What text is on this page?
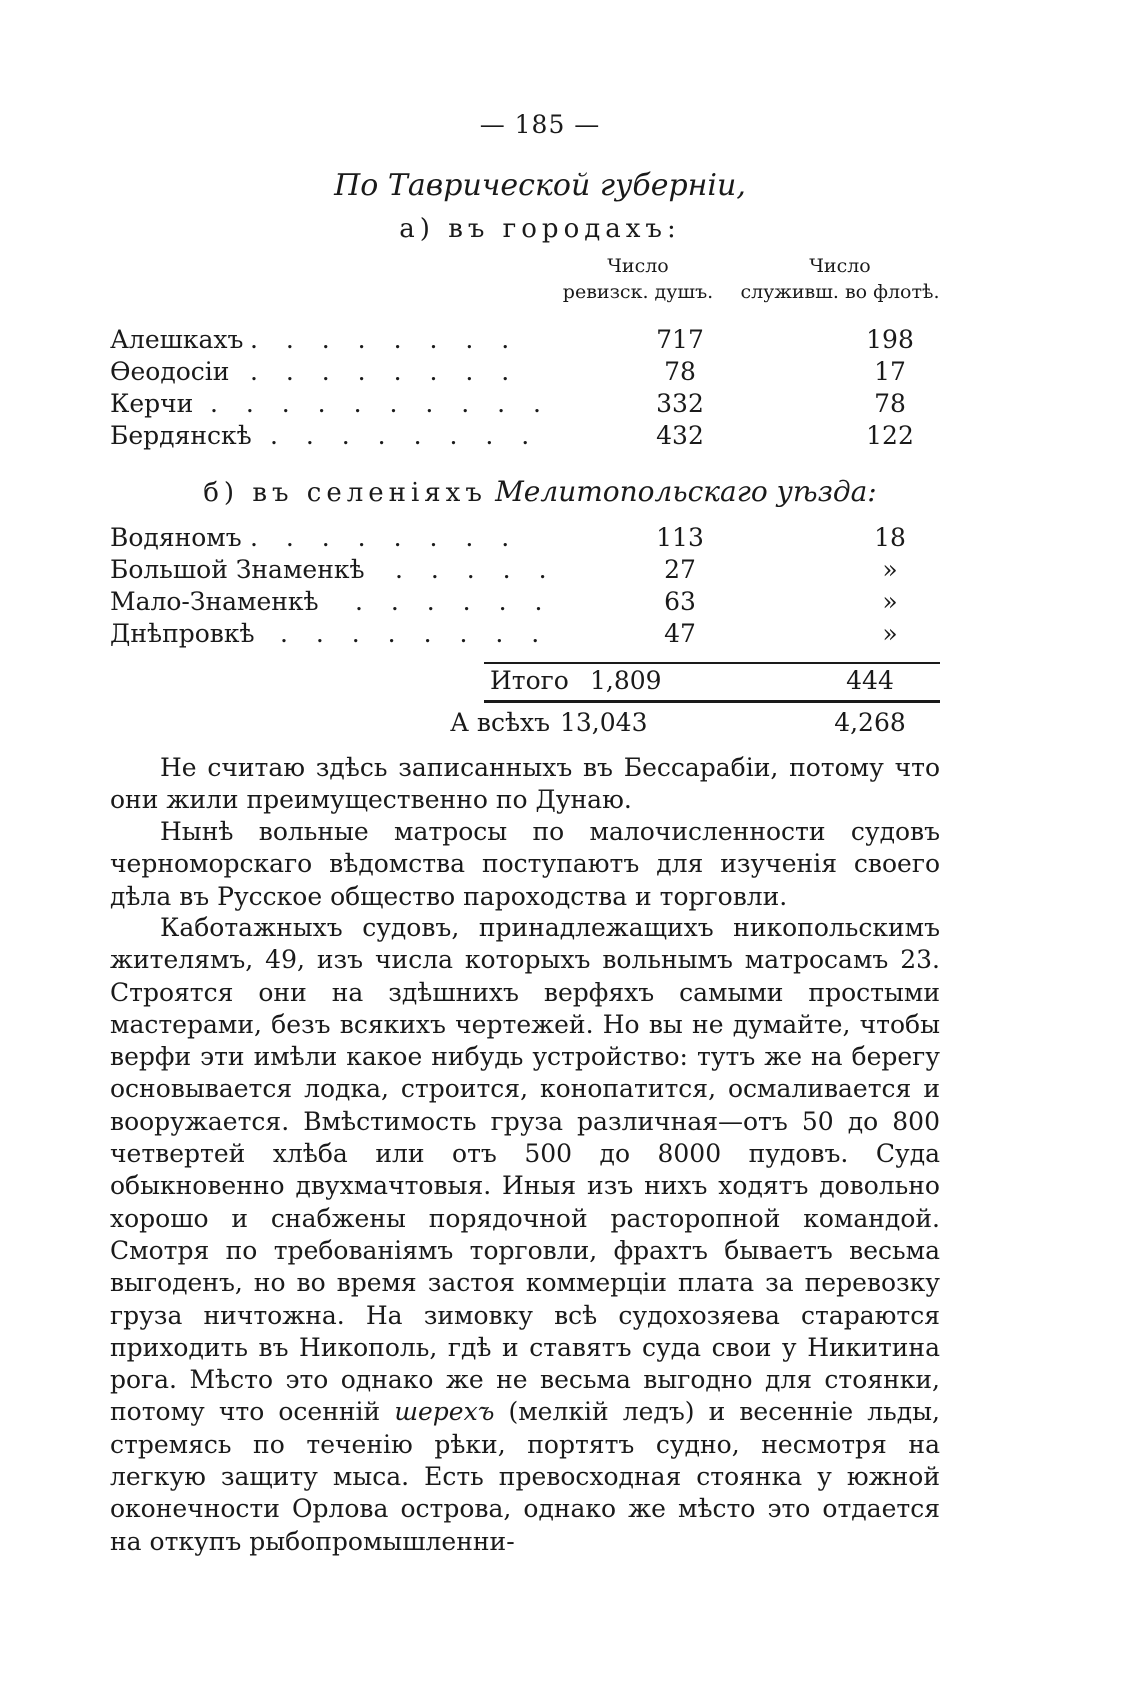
— 185 —
По Таврической губерніи,
а) въ городахъ:
Число
ревизск. душъ.
Число
служивш. во флотѣ.
Алешкахъ . . . . . . . .	717	198
Ѳеодосіи . . . . . . . .	78	17
Керчи . . . . . . . . . .	332	78
Бердянскѣ . . . . . . . .	432	122
б) въ селеніяхъ Мелитопольскаго уѣзда:
Водяномъ . . . . . . . .	113	18
Большой Знаменкѣ . . . . .	27	»
Мало-Знаменкѣ . . . . . .	63	»
Днѣпровкѣ . . . . . . . .	47	»
Итого 1,809	444
А всѣхъ 13,043	4,268
Не считаю здѣсь записанныхъ въ Бессарабіи, потому что они жили преимущественно по Дунаю.
Нынѣ вольные матросы по малочисленности судовъ черноморскаго вѣдомства поступаютъ для изученія своего дѣла въ Русское общество пароходства и торговли.
Каботажныхъ судовъ, принадлежащихъ никопольскимъ жителямъ, 49, изъ числа которыхъ вольнымъ матросамъ 23. Строятся они на здѣшнихъ верфяхъ самыми простыми мастерами, безъ всякихъ чертежей. Но вы не думайте, чтобы верфи эти имѣли какое нибудь устройство: тутъ же на берегу основывается лодка, строится, конопатится, осмаливается и вооружается. Вмѣстимость груза различная—отъ 50 до 800 четвертей хлѣба или отъ 500 до 8000 пудовъ. Суда обыкновенно двухмачтовыя. Иныя изъ нихъ ходятъ довольно хорошо и снабжены порядочной расторопной командой. Смотря по требованіямъ торговли, фрахтъ бываетъ весьма выгоденъ, но во время застоя коммерціи плата за перевозку груза ничтожна. На зимовку всѣ судохозяева стараются приходить въ Никополь, гдѣ и ставятъ суда свои у Никитина рога. Мѣсто это однако же не весьма выгодно для стоянки, потому что осенній шерехъ (мелкій ледъ) и весенніе льды, стремясь по теченію рѣки, портятъ судно, несмотря на легкую защиту мыса. Есть превосходная стоянка у южной оконечности Орлова острова, однако же мѣсто это отдается на откупъ рыбопромышленни-
